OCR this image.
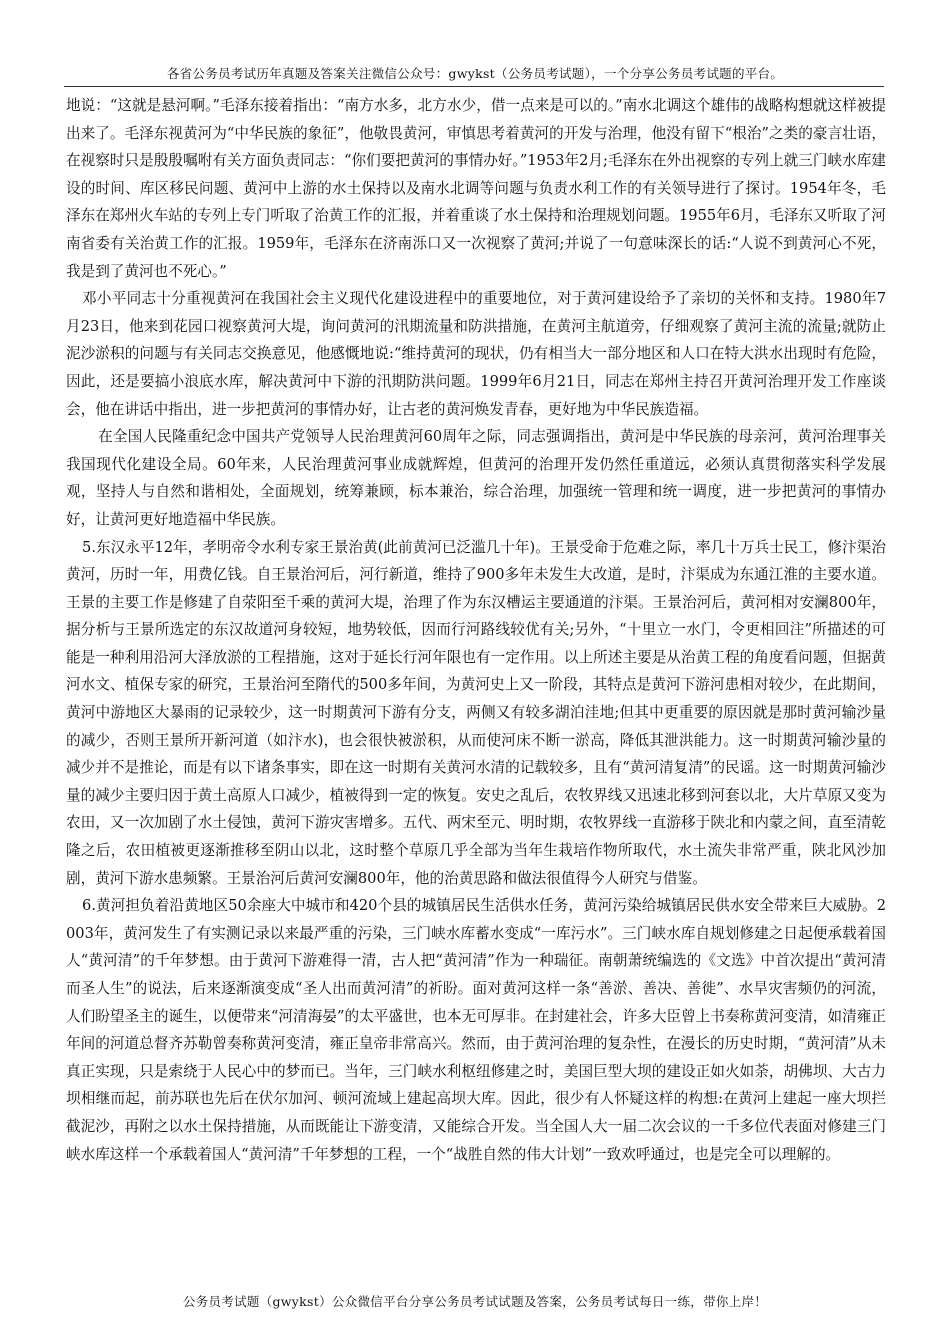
各省公务员考试历年真题及答案关注微信公众号：gwykst（公务员考试题），一个分享公务员考试题的平台。

地说：“这就是悬河啊。”毛泽东接着指出：“南方水多，北方水少，借一点来是可以的。”南水北调这个雄伟的战略构想就这样被提出来了。毛泽东视黄河为“中华民族的象征”，他敬畏黄河，审慎思考着黄河的开发与治理，他没有留下“根治”之类的豪言壮语，在视察时只是殷殷嘱咐有关方面负责同志：“你们要把黄河的事情办好。”1953年2月;毛泽东在外出视察的专列上就三门峡水库建设的时间、库区移民问题、黄河中上游的水土保持以及南水北调等问题与负责水利工作的有关领导进行了探讨。1954年冬，毛泽东在郑州火车站的专列上专门听取了治黄工作的汇报，并着重谈了水土保持和治理规划问题。1955年6月，毛泽东又听取了河南省委有关治黄工作的汇报。1959年，毛泽东在济南泺口又一次视察了黄河;并说了一句意味深长的话:“人说不到黄河心不死，我是到了黄河也不死心。”

邓小平同志十分重视黄河在我国社会主义现代化建设进程中的重要地位，对于黄河建设给予了亲切的关怀和支持。1980年7月23日，他来到花园口视察黄河大堤，询问黄河的汛期流量和防洪措施，在黄河主航道旁，仔细观察了黄河主流的流量;就防止泥沙淤积的问题与有关同志交换意见，他感慨地说:“维持黄河的现状，仍有相当大一部分地区和人口在特大洪水出现时有危险，因此，还是要搞小浪底水库，解决黄河中下游的汛期防洪问题。1999年6月21日，同志在郑州主持召开黄河治理开发工作座谈会，他在讲话中指出，进一步把黄河的事情办好，让古老的黄河焕发青春，更好地为中华民族造福。

在全国人民隆重纪念中国共产党领导人民治理黄河60周年之际，同志强调指出，黄河是中华民族的母亲河，黄河治理事关我国现代化建设全局。60年来，人民治理黄河事业成就辉煌，但黄河的治理开发仍然任重道远，必须认真贯彻落实科学发展观，坚持人与自然和谐相处，全面规划，统筹兼顾，标本兼治，综合治理，加强统一管理和统一调度，进一步把黄河的事情办好，让黄河更好地造福中华民族。

5.东汉永平12年，孝明帝令水利专家王景治黄(此前黄河已泛滥几十年)。王景受命于危难之际，率几十万兵士民工，修汴渠治黄河，历时一年，用费亿钱。自王景治河后，河行新道，维持了900多年未发生大改道，是时，汴渠成为东通江淮的主要水道。王景的主要工作是修建了自荥阳至千乘的黄河大堤，治理了作为东汉槽运主要通道的汴渠。王景治河后，黄河相对安澜800年，据分析与王景所选定的东汉故道河身较短，地势较低，因而行河路线较优有关;另外，“十里立一水门，令更相回注”所描述的可能是一种利用沿河大泽放淤的工程措施，这对于延长行河年限也有一定作用。以上所述主要是从治黄工程的角度看问题，但据黄河水文、植保专家的研究，王景治河至隋代的500多年间，为黄河史上又一阶段，其特点是黄河下游河患相对较少，在此期间，黄河中游地区大暴雨的记录较少，这一时期黄河下游有分支，两侧又有较多湖泊洼地;但其中更重要的原因就是那时黄河输沙量的减少，否则王景所开新河道（如汴水)，也会很快被淤积，从而使河床不断一淤高，降低其泄洪能力。这一时期黄河输沙量的减少并不是推论，而是有以下诸条事实，即在这一时期有关黄河水清的记载较多，且有“黄河清复清”的民谣。这一时期黄河输沙量的减少主要归因于黄土高原人口减少，植被得到一定的恢复。安史之乱后，农牧界线又迅速北移到河套以北，大片草原又变为农田，又一次加剧了水土侵蚀，黄河下游灾害增多。五代、两宋至元、明时期，农牧界线一直游移于陕北和内蒙之间，直至清乾隆之后，农田植被更逐渐推移至阴山以北，这时整个草原几乎全部为当年生栽培作物所取代，水土流失非常严重，陕北风沙加剧，黄河下游水患频繁。王景治河后黄河安澜800年，他的治黄思路和做法很值得今人研究与借鉴。

6.黄河担负着沿黄地区50余座大中城市和420个县的城镇居民生活供水任务，黄河污染给城镇居民供水安全带来巨大威胁。2003年，黄河发生了有实测记录以来最严重的污染，三门峡水库蓄水变成“一库污水”。三门峡水库自规划修建之日起便承载着国人“黄河清”的千年梦想。由于黄河下游难得一清，古人把“黄河清”作为一种瑞征。南朝萧统编选的《文选》中首次提出“黄河清而圣人生”的说法，后来逐渐演变成“圣人出而黄河清”的祈盼。面对黄河这样一条“善淤、善决、善徙”、水旱灾害频仍的河流，人们盼望圣主的诞生，以便带来“河清海晏”的太平盛世，也本无可厚非。在封建社会，许多大臣曾上书奏称黄河变清，如清雍正年间的河道总督齐苏勒曾奏称黄河变清，雍正皇帝非常高兴。然而，由于黄河治理的复杂性，在漫长的历史时期，“黄河清”从未真正实现，只是索绕于人民心中的梦而已。当年，三门峡水利枢纽修建之时，美国巨型大坝的建设正如火如荼，胡佛坝、大古力坝相继而起，前苏联也先后在伏尔加河、顿河流域上建起高坝大库。因此，很少有人怀疑这样的构想:在黄河上建起一座大坝拦截泥沙，再附之以水土保持措施，从而既能让下游变清，又能综合开发。当全国人大一届二次会议的一千多位代表面对修建三门峡水库这样一个承载着国人“黄河清”千年梦想的工程，一个“战胜自然的伟大计划”一致欢呼通过，也是完全可以理解的。

公务员考试题（gwykst）公众微信平台分享公务员考试试题及答案，公务员考试每日一练，带你上岸！
